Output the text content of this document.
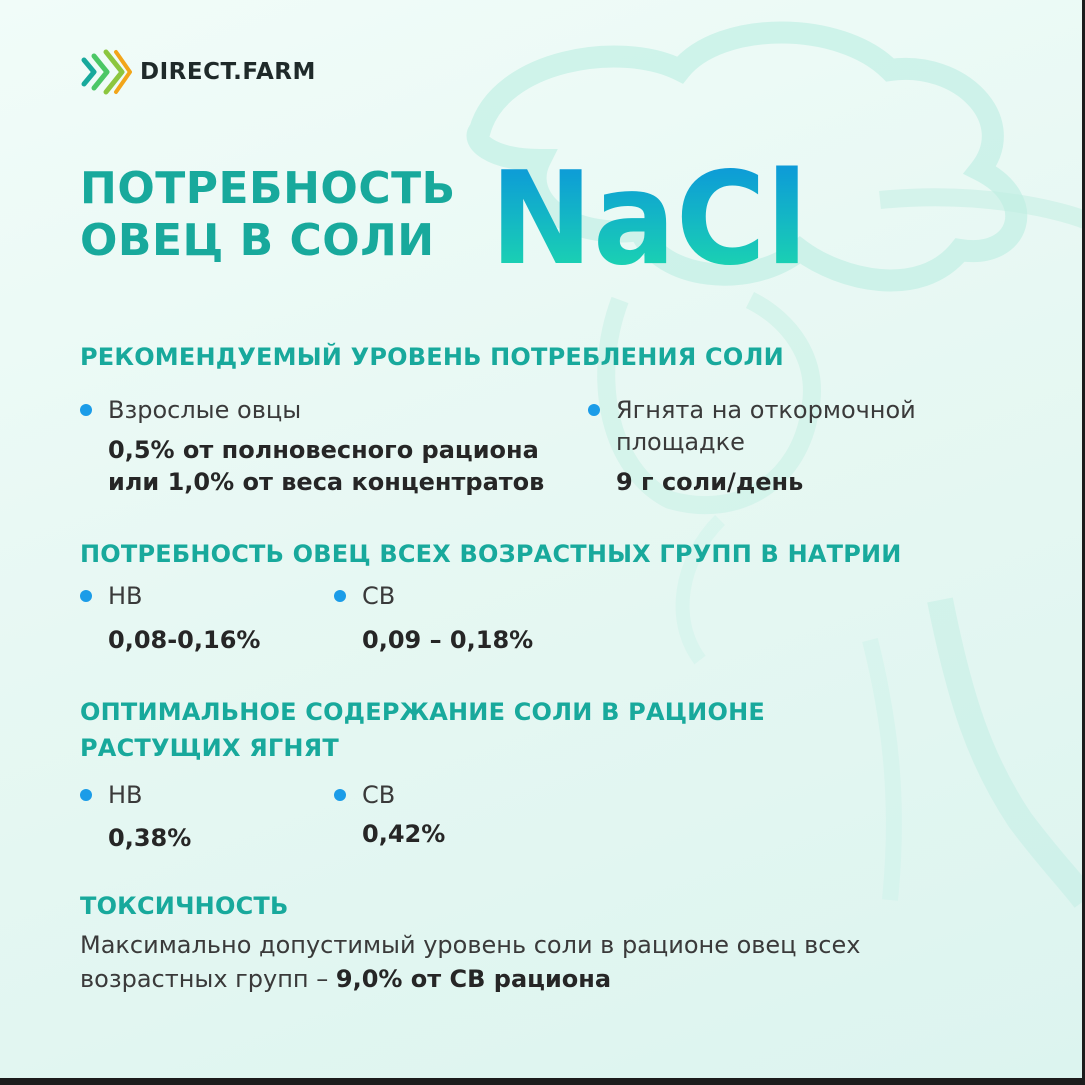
DIRECT.FARM
ПОТРЕБНОСТЬ
ОВЕЦ В СОЛИ NaCl
РЕКОМЕНДУЕМЫЙ УРОВЕНЬ ПОТРЕБЛЕНИЯ СОЛИ
Взрослые овцы
0,5% от полновесного рациона
или 1,0% от веса концентратов
Ягнята на откормочной
площадке
9 г соли/день
ПОТРЕБНОСТЬ ОВЕЦ ВСЕХ ВОЗРАСТНЫХ ГРУПП В НАТРИИ
НВ
0,08-0,16%
СВ
0,09 – 0,18%
ОПТИМАЛЬНОЕ СОДЕРЖАНИЕ СОЛИ В РАЦИОНЕ
РАСТУЩИХ ЯГНЯТ
НВ
0,38%
СВ
0,42%
ТОКСИЧНОСТЬ
Максимально допустимый уровень соли в рационе овец всех возрастных групп – 9,0% от СВ рациона
